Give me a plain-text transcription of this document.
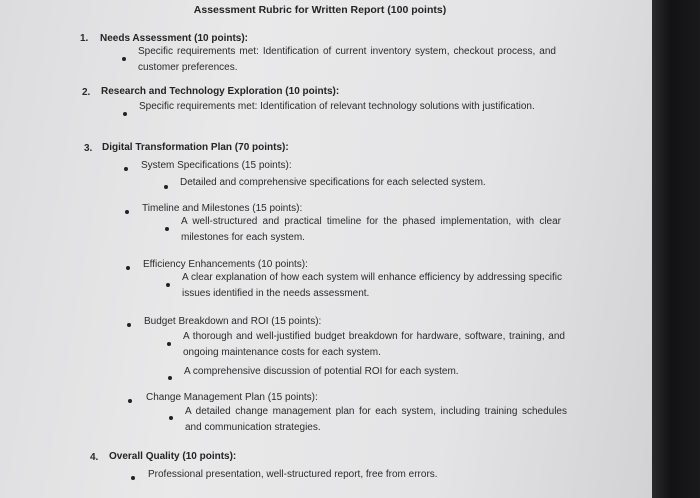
Assessment Rubric for Written Report (100 points)
1. Needs Assessment (10 points):
Specific requirements met: Identification of current inventory system, checkout process, and customer preferences.
2. Research and Technology Exploration (10 points):
Specific requirements met: Identification of relevant technology solutions with justification.
3. Digital Transformation Plan (70 points):
System Specifications (15 points):
Detailed and comprehensive specifications for each selected system.
Timeline and Milestones (15 points):
A well-structured and practical timeline for the phased implementation, with clear milestones for each system.
Efficiency Enhancements (10 points):
A clear explanation of how each system will enhance efficiency by addressing specific issues identified in the needs assessment.
Budget Breakdown and ROI (15 points):
A thorough and well-justified budget breakdown for hardware, software, training, and ongoing maintenance costs for each system.
A comprehensive discussion of potential ROI for each system.
Change Management Plan (15 points):
A detailed change management plan for each system, including training schedules and communication strategies.
4. Overall Quality (10 points):
Professional presentation, well-structured report, free from errors.
